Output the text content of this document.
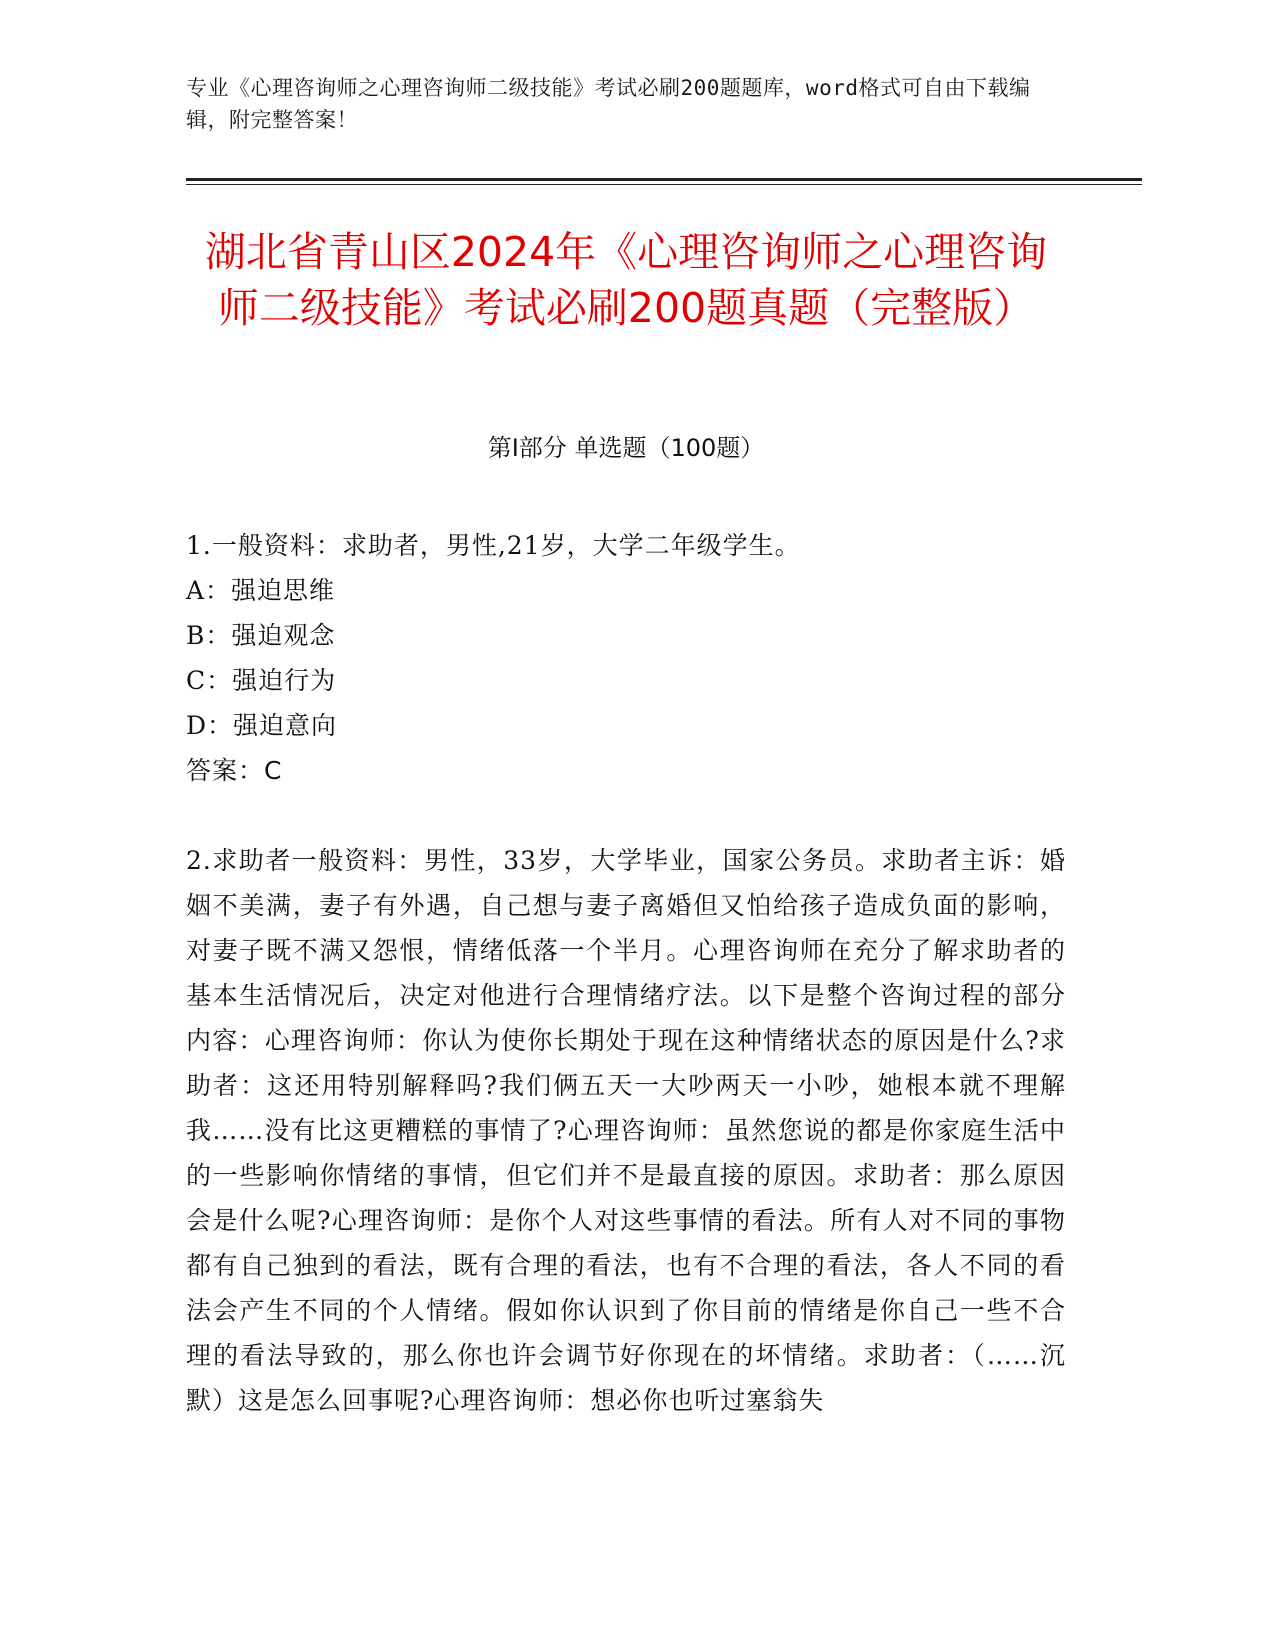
专业《心理咨询师之心理咨询师二级技能》考试必刷200题题库，word格式可自由下载编辑，附完整答案！
湖北省青山区2024年《心理咨询师之心理咨询师二级技能》考试必刷200题真题（完整版）
第Ⅰ部分 单选题（100题）
1.一般资料：求助者，男性,21岁，大学二年级学生。
A：强迫思维
B：强迫观念
C：强迫行为
D：强迫意向
答案：C
2.求助者一般资料：男性，33岁，大学毕业，国家公务员。求助者主诉：婚姻不美满，妻子有外遇，自己想与妻子离婚但又怕给孩子造成负面的影响，对妻子既不满又怨恨，情绪低落一个半月。心理咨询师在充分了解求助者的基本生活情况后，决定对他进行合理情绪疗法。以下是整个咨询过程的部分内容：心理咨询师：你认为使你长期处于现在这种情绪状态的原因是什么?求助者：这还用特别解释吗?我们俩五天一大吵两天一小吵，她根本就不理解我……没有比这更糟糕的事情了?心理咨询师：虽然您说的都是你家庭生活中的一些影响你情绪的事情，但它们并不是最直接的原因。求助者：那么原因会是什么呢?心理咨询师：是你个人对这些事情的看法。所有人对不同的事物都有自己独到的看法，既有合理的看法，也有不合理的看法，各人不同的看法会产生不同的个人情绪。假如你认识到了你目前的情绪是你自己一些不合理的看法导致的，那么你也许会调节好你现在的坏情绪。求助者：（……沉默）这是怎么回事呢?心理咨询师：想必你也听过塞翁失
